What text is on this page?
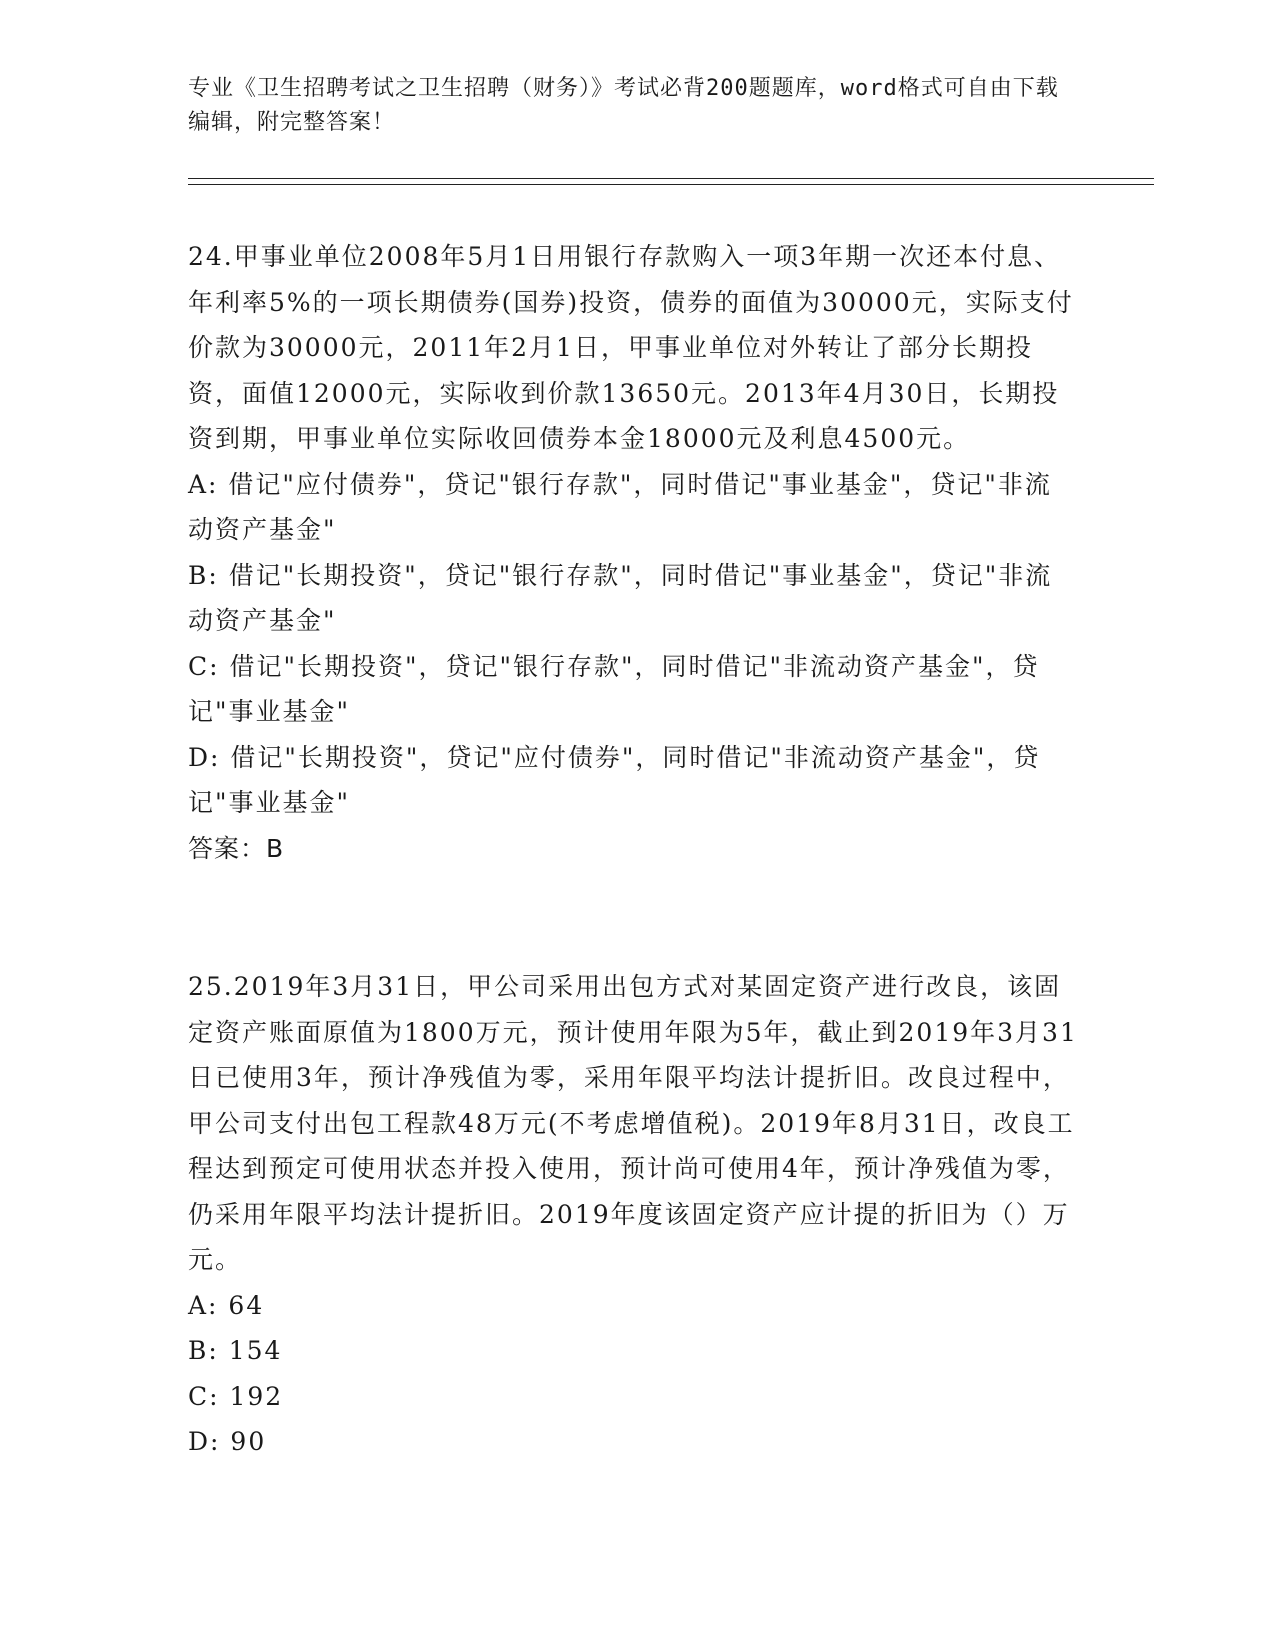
专业《卫生招聘考试之卫生招聘（财务）》考试必背200题题库，word格式可自由下载编辑，附完整答案！

24.甲事业单位2008年5月1日用银行存款购入一项3年期一次还本付息、年利率5%的一项长期债券(国券)投资，债券的面值为30000元，实际支付价款为30000元，2011年2月1日，甲事业单位对外转让了部分长期投资，面值12000元，实际收到价款13650元。2013年4月30日，长期投资到期，甲事业单位实际收回债券本金18000元及利息4500元。

A: 借记"应付债券"，贷记"银行存款"，同时借记"事业基金"，贷记"非流动资产基金"

B: 借记"长期投资"，贷记"银行存款"，同时借记"事业基金"，贷记"非流动资产基金"

C: 借记"长期投资"，贷记"银行存款"，同时借记"非流动资产基金"，贷记"事业基金"

D: 借记"长期投资"，贷记"应付债券"，同时借记"非流动资产基金"，贷记"事业基金"

答案：B

25.2019年3月31日，甲公司采用出包方式对某固定资产进行改良，该固定资产账面原值为1800万元，预计使用年限为5年，截止到2019年3月31日已使用3年，预计净残值为零，采用年限平均法计提折旧。改良过程中，甲公司支付出包工程款48万元(不考虑增值税)。2019年8月31日，改良工程达到预定可使用状态并投入使用，预计尚可使用4年，预计净残值为零，仍采用年限平均法计提折旧。2019年度该固定资产应计提的折旧为（）万元。

A: 64

B: 154

C: 192

D: 90
